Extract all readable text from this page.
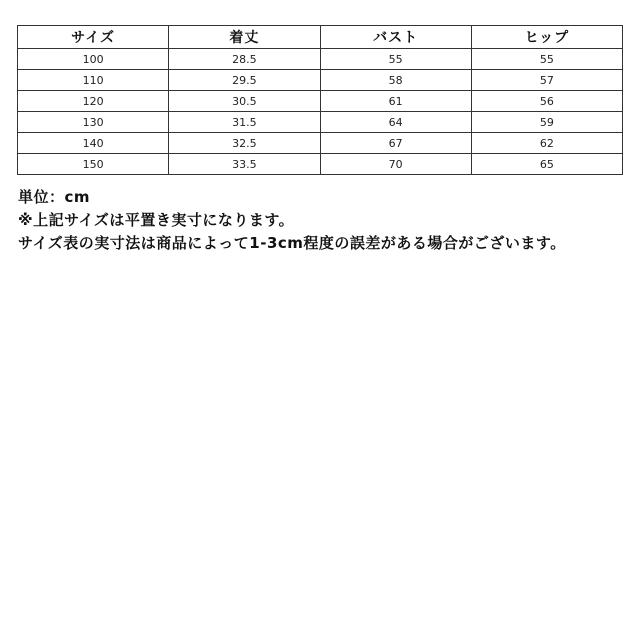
サイズ	着丈	バスト	ヒップ
100	28.5	55	55
110	29.5	58	57
120	30.5	61	56
130	31.5	64	59
140	32.5	67	62
150	33.5	70	65
単位：cm
※上記サイズは平置き実寸になります。
サイズ表の実寸法は商品によって1-3cm程度の誤差がある場合がございます。
